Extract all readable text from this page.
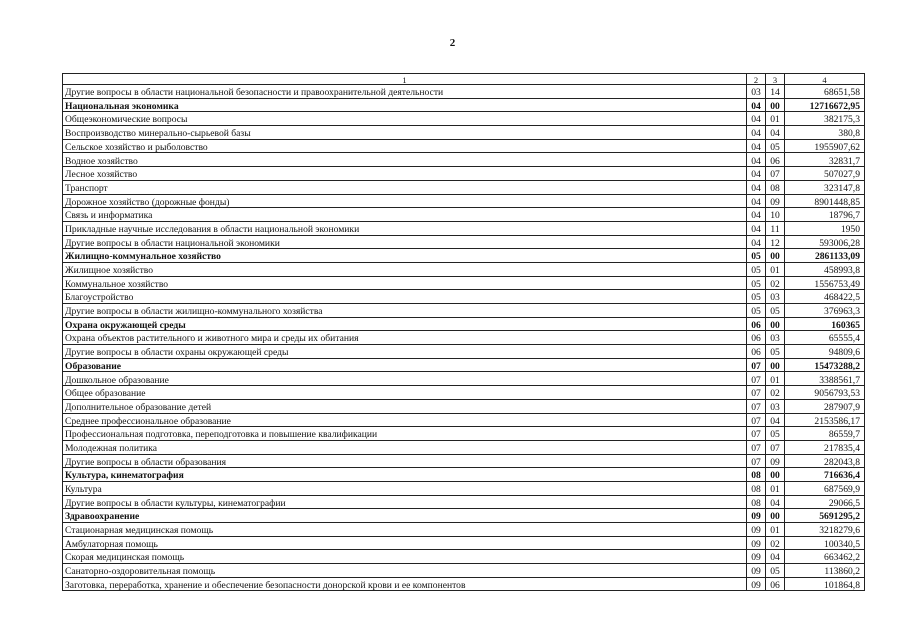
2
1	2	3	4
Другие вопросы в области национальной безопасности и правоохранительной деятельности	03	14	68651,58
Национальная экономика	04	00	12716672,95
Общеэкономические вопросы	04	01	382175,3
Воспроизводство минерально-сырьевой базы	04	04	380,8
Сельское хозяйство и рыболовство	04	05	1955907,62
Водное хозяйство	04	06	32831,7
Лесное хозяйство	04	07	507027,9
Транспорт	04	08	323147,8
Дорожное хозяйство (дорожные фонды)	04	09	8901448,85
Связь и информатика	04	10	18796,7
Прикладные научные исследования в области национальной экономики	04	11	1950
Другие вопросы в области национальной экономики	04	12	593006,28
Жилищно-коммунальное хозяйство	05	00	2861133,09
Жилищное хозяйство	05	01	458993,8
Коммунальное хозяйство	05	02	1556753,49
Благоустройство	05	03	468422,5
Другие вопросы в области жилищно-коммунального хозяйства	05	05	376963,3
Охрана окружающей среды	06	00	160365
Охрана объектов растительного и животного мира и среды их обитания	06	03	65555,4
Другие вопросы в области охраны окружающей среды	06	05	94809,6
Образование	07	00	15473288,2
Дошкольное образование	07	01	3388561,7
Общее образование	07	02	9056793,53
Дополнительное образование детей	07	03	287907,9
Среднее профессиональное образование	07	04	2153586,17
Профессиональная подготовка, переподготовка и повышение квалификации	07	05	86559,7
Молодежная политика	07	07	217835,4
Другие вопросы в области образования	07	09	282043,8
Культура, кинематография	08	00	716636,4
Культура	08	01	687569,9
Другие вопросы в области культуры, кинематографии	08	04	29066,5
Здравоохранение	09	00	5691295,2
Стационарная медицинская помощь	09	01	3218279,6
Амбулаторная помощь	09	02	100340,5
Скорая медицинская помощь	09	04	663462,2
Санаторно-оздоровительная помощь	09	05	113860,2
Заготовка, переработка, хранение и обеспечение безопасности донорской крови и ее компонентов	09	06	101864,8
